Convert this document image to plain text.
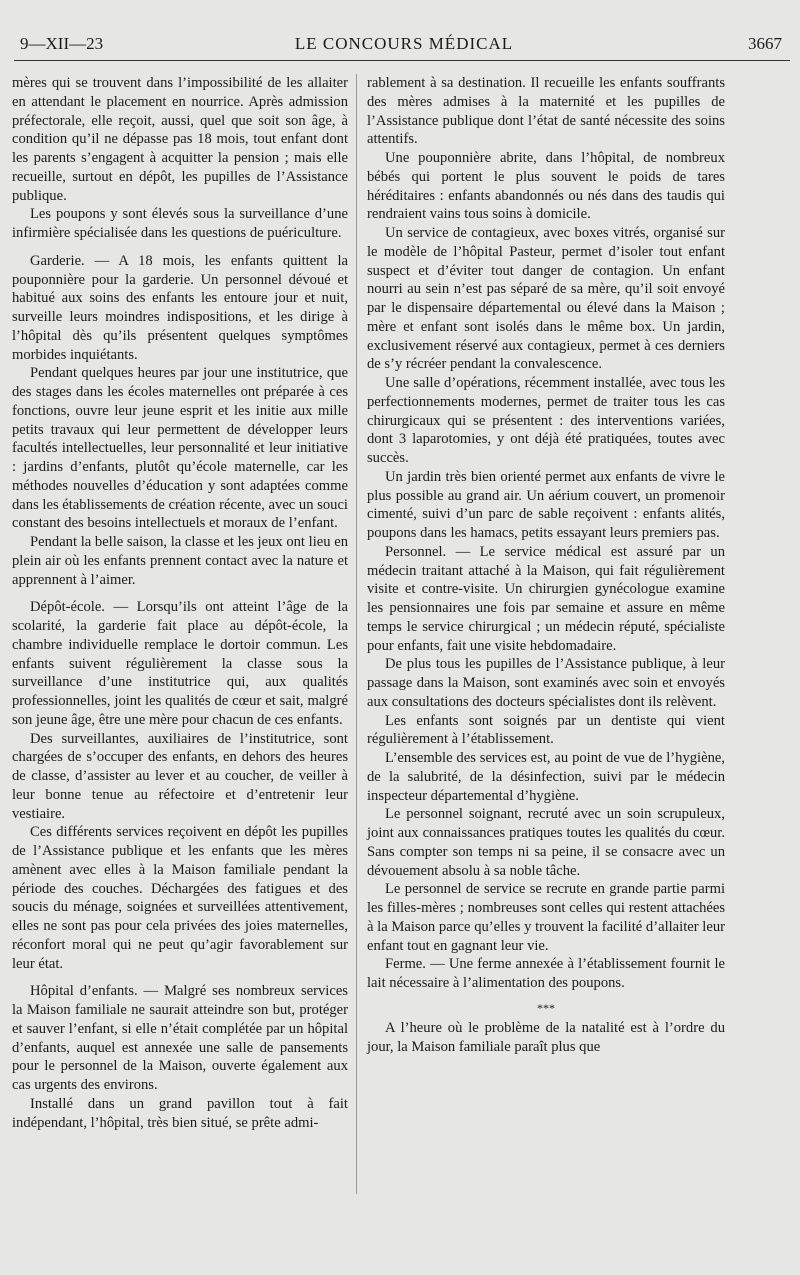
9—XII—23	LE CONCOURS MÉDICAL	3667

mères qui se trouvent dans l’impossibilité de les allaiter en attendant le placement en nourrice. Après admission préfectorale, elle reçoit, aussi, quel que soit son âge, à condition qu’il ne dépasse pas 18 mois, tout enfant dont les parents s’engagent à acquitter la pension ; mais elle recueille, surtout en dépôt, les pupilles de l’Assistance publique.

Les poupons y sont élevés sous la surveillance d’une infirmière spécialisée dans les questions de puériculture.

Garderie. — A 18 mois, les enfants quittent la pouponnière pour la garderie. Un personnel dévoué et habitué aux soins des enfants les entoure jour et nuit, surveille leurs moindres indispositions, et les dirige à l’hôpital dès qu’ils présentent quelques symptômes morbides inquiétants.

Pendant quelques heures par jour une institutrice, que des stages dans les écoles maternelles ont préparée à ces fonctions, ouvre leur jeune esprit et les initie aux mille petits travaux qui leur permettent de développer leurs facultés intellectuelles, leur personnalité et leur initiative : jardins d’enfants, plutôt qu’école maternelle, car les méthodes nouvelles d’éducation y sont adaptées comme dans les établissements de création récente, avec un souci constant des besoins intellectuels et moraux de l’enfant.

Pendant la belle saison, la classe et les jeux ont lieu en plein air où les enfants prennent contact avec la nature et apprennent à l’aimer.

Dépôt-école. — Lorsqu’ils ont atteint l’âge de la scolarité, la garderie fait place au dépôt-école, la chambre individuelle remplace le dortoir commun. Les enfants suivent régulièrement la classe sous la surveillance d’une institutrice qui, aux qualités professionnelles, joint les qualités de cœur et sait, malgré son jeune âge, être une mère pour chacun de ces enfants.

Des surveillantes, auxiliaires de l’institutrice, sont chargées de s’occuper des enfants, en dehors des heures de classe, d’assister au lever et au coucher, de veiller à leur bonne tenue au réfectoire et d’entretenir leur vestiaire.

Ces différents services reçoivent en dépôt les pupilles de l’Assistance publique et les enfants que les mères amènent avec elles à la Maison familiale pendant la période des couches. Déchargées des fatigues et des soucis du ménage, soignées et surveillées attentivement, elles ne sont pas pour cela privées des joies maternelles, réconfort moral qui ne peut qu’agir favorablement sur leur état.

Hôpital d’enfants. — Malgré ses nombreux services la Maison familiale ne saurait atteindre son but, protéger et sauver l’enfant, si elle n’était complétée par un hôpital d’enfants, auquel est annexée une salle de pansements pour le personnel de la Maison, ouverte également aux cas urgents des environs.

Installé dans un grand pavillon tout à fait indépendant, l’hôpital, très bien situé, se prête admi-

rablement à sa destination. Il recueille les enfants souffrants des mères admises à la maternité et les pupilles de l’Assistance publique dont l’état de santé nécessite des soins attentifs.

Une pouponnière abrite, dans l’hôpital, de nombreux bébés qui portent le plus souvent le poids de tares héréditaires : enfants abandonnés ou nés dans des taudis qui rendraient vains tous soins à domicile.

Un service de contagieux, avec boxes vitrés, organisé sur le modèle de l’hôpital Pasteur, permet d’isoler tout enfant suspect et d’éviter tout danger de contagion. Un enfant nourri au sein n’est pas séparé de sa mère, qu’il soit envoyé par le dispensaire départemental ou élevé dans la Maison ; mère et enfant sont isolés dans le même box. Un jardin, exclusivement réservé aux contagieux, permet à ces derniers de s’y récréer pendant la convalescence.

Une salle d’opérations, récemment installée, avec tous les perfectionnements modernes, permet de traiter tous les cas chirurgicaux qui se présentent : des interventions variées, dont 3 laparotomies, y ont déjà été pratiquées, toutes avec succès.

Un jardin très bien orienté permet aux enfants de vivre le plus possible au grand air. Un aérium couvert, un promenoir cimenté, suivi d’un parc de sable reçoivent : enfants alités, poupons dans les hamacs, petits essayant leurs premiers pas.

Personnel. — Le service médical est assuré par un médecin traitant attaché à la Maison, qui fait régulièrement visite et contre-visite. Un chirurgien gynécologue examine les pensionnaires une fois par semaine et assure en même temps le service chirurgical ; un médecin réputé, spécialiste pour enfants, fait une visite hebdomadaire.

De plus tous les pupilles de l’Assistance publique, à leur passage dans la Maison, sont examinés avec soin et envoyés aux consultations des docteurs spécialistes dont ils relèvent.

Les enfants sont soignés par un dentiste qui vient régulièrement à l’établissement.

L’ensemble des services est, au point de vue de l’hygiène, de la salubrité, de la désinfection, suivi par le médecin inspecteur départemental d’hygiène.

Le personnel soignant, recruté avec un soin scrupuleux, joint aux connaissances pratiques toutes les qualités du cœur. Sans compter son temps ni sa peine, il se consacre avec un dévouement absolu à sa noble tâche.

Le personnel de service se recrute en grande partie parmi les filles-mères ; nombreuses sont celles qui restent attachées à la Maison parce qu’elles y trouvent la facilité d’allaiter leur enfant tout en gagnant leur vie.

Ferme. — Une ferme annexée à l’établissement fournit le lait nécessaire à l’alimentation des poupons.

***

A l’heure où le problème de la natalité est à l’ordre du jour, la Maison familiale paraît plus que
